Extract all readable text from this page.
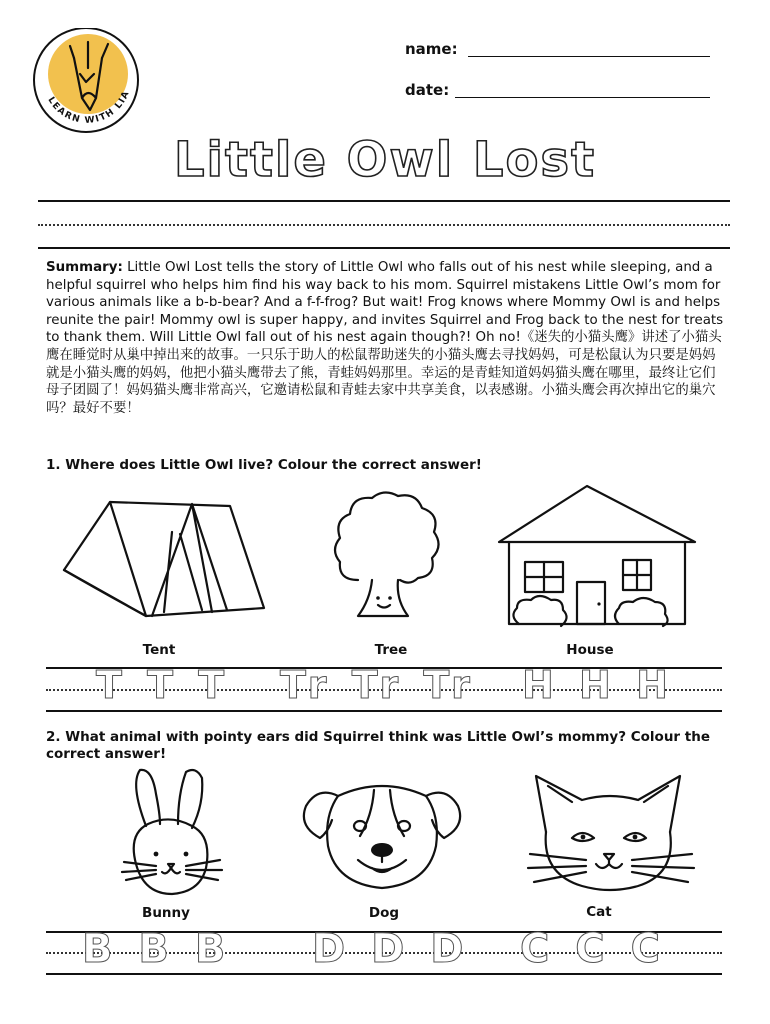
LEARN WITH LIA
name:
date:
Little Owl Lost
Summary: Little Owl Lost tells the story of Little Owl who falls out of his nest while sleeping, and a helpful squirrel who helps him find his way back to his mom. Squirrel mistakens Little Owl’s mom for various animals like a b-b-bear? And a f-f-frog? But wait! Frog knows where Mommy Owl is and helps reunite the pair! Mommy owl is super happy, and invites Squirrel and Frog back to the nest for treats to thank them. Will Little Owl fall out of his nest again though?! Oh no!《迷失的小猫头鹰》讲述了小猫头鹰在睡觉时从巢中掉出来的故事。一只乐于助人的松鼠帮助迷失的小猫头鹰去寻找妈妈，可是松鼠认为只要是妈妈就是小猫头鹰的妈妈，他把小猫头鹰带去了熊，青蛙妈妈那里。幸运的是青蛙知道妈妈猫头鹰在哪里，最终让它们母子团圆了！妈妈猫头鹰非常高兴，它邀请松鼠和青蛙去家中共享美食，以表感谢。小猫头鹰会再次掉出它的巢穴吗？最好不要！
1. Where does Little Owl live? Colour the correct answer!
Tent	Tree	House
T T T Tr Tr Tr H H H
2. What animal with pointy ears did Squirrel think was Little Owl’s mommy? Colour the correct answer!
Bunny	Dog	Cat
B B B D D D C C C
